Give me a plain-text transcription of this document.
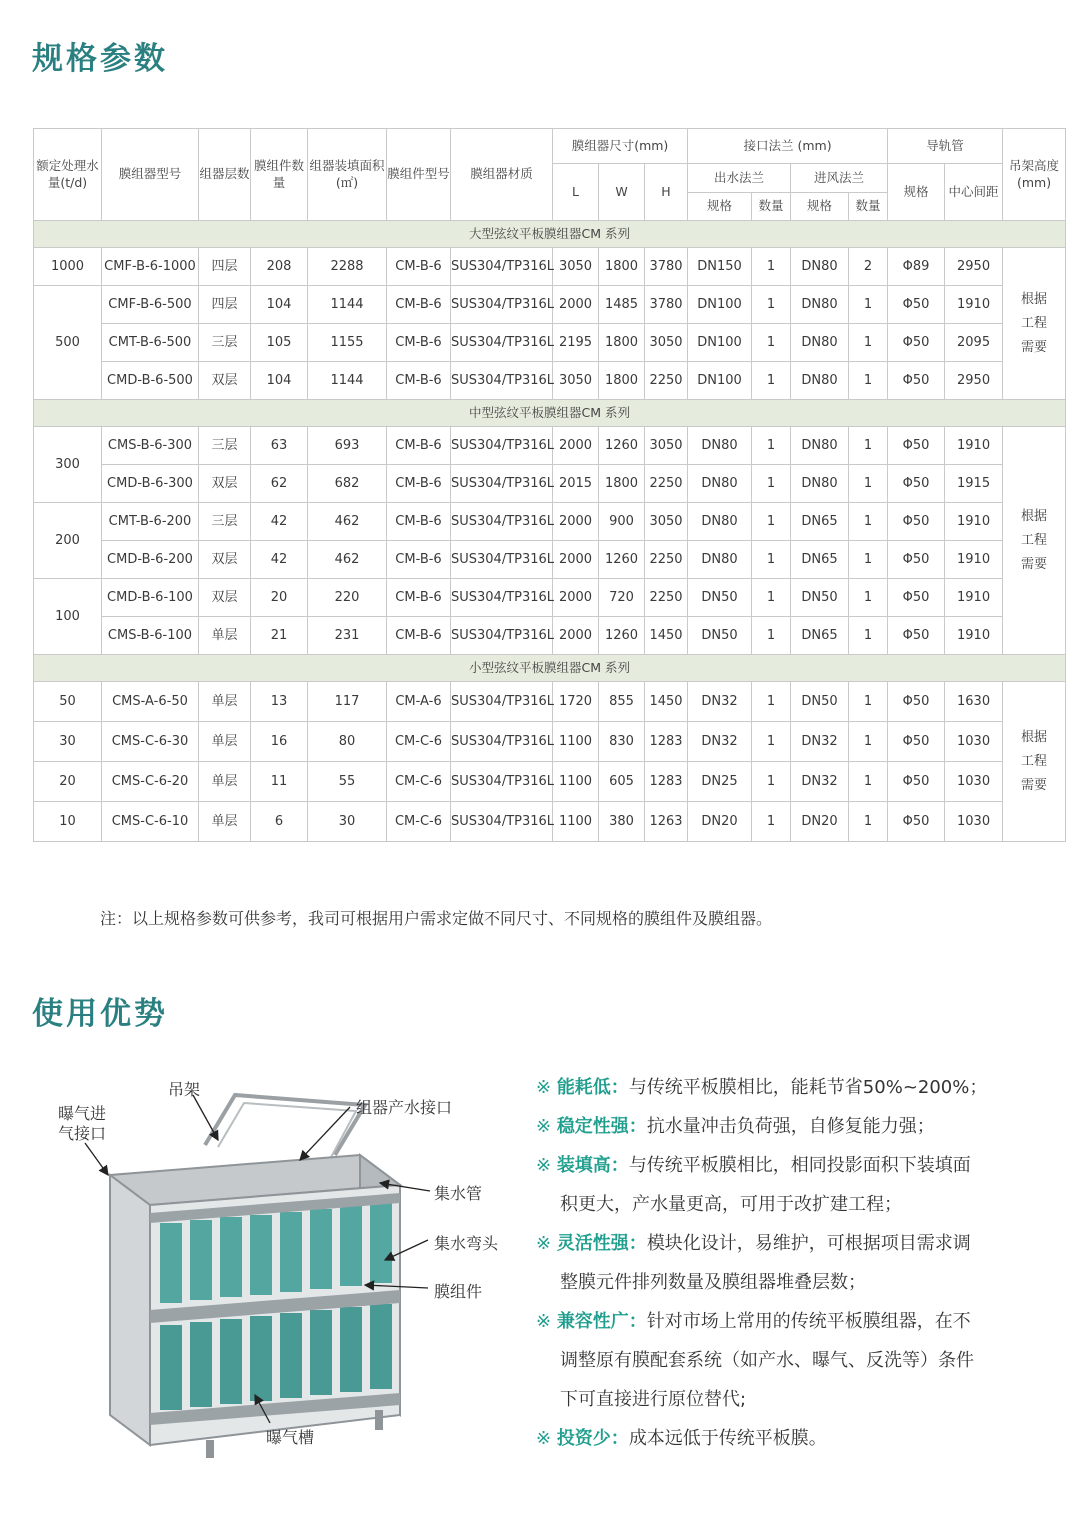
规格参数
额定处理水量(t/d)	膜组器型号	组器层数	膜组件数量	组器装填面积(㎡)	膜组件型号	膜组器材质	膜组器尺寸(mm)			接口法兰 (mm)				导轨管		吊架高度(mm)
							L	W	H	出水法兰		进风法兰		规格	中心间距	
										规格	数量	规格	数量			
大型弦纹平板膜组器CM 系列																
1000	CMF-B-6-1000	四层	208	2288	CM-B-6	SUS304/TP316L	3050	1800	3780	DN150	1	DN80	2	Φ89	2950	根据工程需要
500	CMF-B-6-500	四层	104	1144	CM-B-6	SUS304/TP316L	2000	1485	3780	DN100	1	DN80	1	Φ50	1910	
	CMT-B-6-500	三层	105	1155	CM-B-6	SUS304/TP316L	2195	1800	3050	DN100	1	DN80	1	Φ50	2095	
	CMD-B-6-500	双层	104	1144	CM-B-6	SUS304/TP316L	3050	1800	2250	DN100	1	DN80	1	Φ50	2950	
中型弦纹平板膜组器CM 系列																
300	CMS-B-6-300	三层	63	693	CM-B-6	SUS304/TP316L	2000	1260	3050	DN80	1	DN80	1	Φ50	1910	根据工程需要
	CMD-B-6-300	双层	62	682	CM-B-6	SUS304/TP316L	2015	1800	2250	DN80	1	DN80	1	Φ50	1915	
200	CMT-B-6-200	三层	42	462	CM-B-6	SUS304/TP316L	2000	900	3050	DN80	1	DN65	1	Φ50	1910	
	CMD-B-6-200	双层	42	462	CM-B-6	SUS304/TP316L	2000	1260	2250	DN80	1	DN65	1	Φ50	1910	
100	CMD-B-6-100	双层	20	220	CM-B-6	SUS304/TP316L	2000	720	2250	DN50	1	DN50	1	Φ50	1910	
	CMS-B-6-100	单层	21	231	CM-B-6	SUS304/TP316L	2000	1260	1450	DN50	1	DN65	1	Φ50	1910	
小型弦纹平板膜组器CM 系列																
50	CMS-A-6-50	单层	13	117	CM-A-6	SUS304/TP316L	1720	855	1450	DN32	1	DN50	1	Φ50	1630	根据工程需要
30	CMS-C-6-30	单层	16	80	CM-C-6	SUS304/TP316L	1100	830	1283	DN32	1	DN32	1	Φ50	1030	
20	CMS-C-6-20	单层	11	55	CM-C-6	SUS304/TP316L	1100	605	1283	DN25	1	DN32	1	Φ50	1030	
10	CMS-C-6-10	单层	6	30	CM-C-6	SUS304/TP316L	1100	380	1263	DN20	1	DN20	1	Φ50	1030	

注：以上规格参数可供参考，我司可根据用户需求定做不同尺寸、不同规格的膜组件及膜组器。

使用优势
吊架
曝气进
气接口
组器产水接口
集水管
集水弯头
膜组件
曝气槽
※ 能耗低：与传统平板膜相比，能耗节省50%~200%；
※ 稳定性强：抗水量冲击负荷强，自修复能力强；
※ 装填高：与传统平板膜相比，相同投影面积下装填面
积更大，产水量更高，可用于改扩建工程；
※ 灵活性强：模块化设计，易维护，可根据项目需求调
整膜元件排列数量及膜组器堆叠层数；
※ 兼容性广：针对市场上常用的传统平板膜组器，在不
调整原有膜配套系统（如产水、曝气、反洗等）条件
下可直接进行原位替代;
※ 投资少：成本远低于传统平板膜。
